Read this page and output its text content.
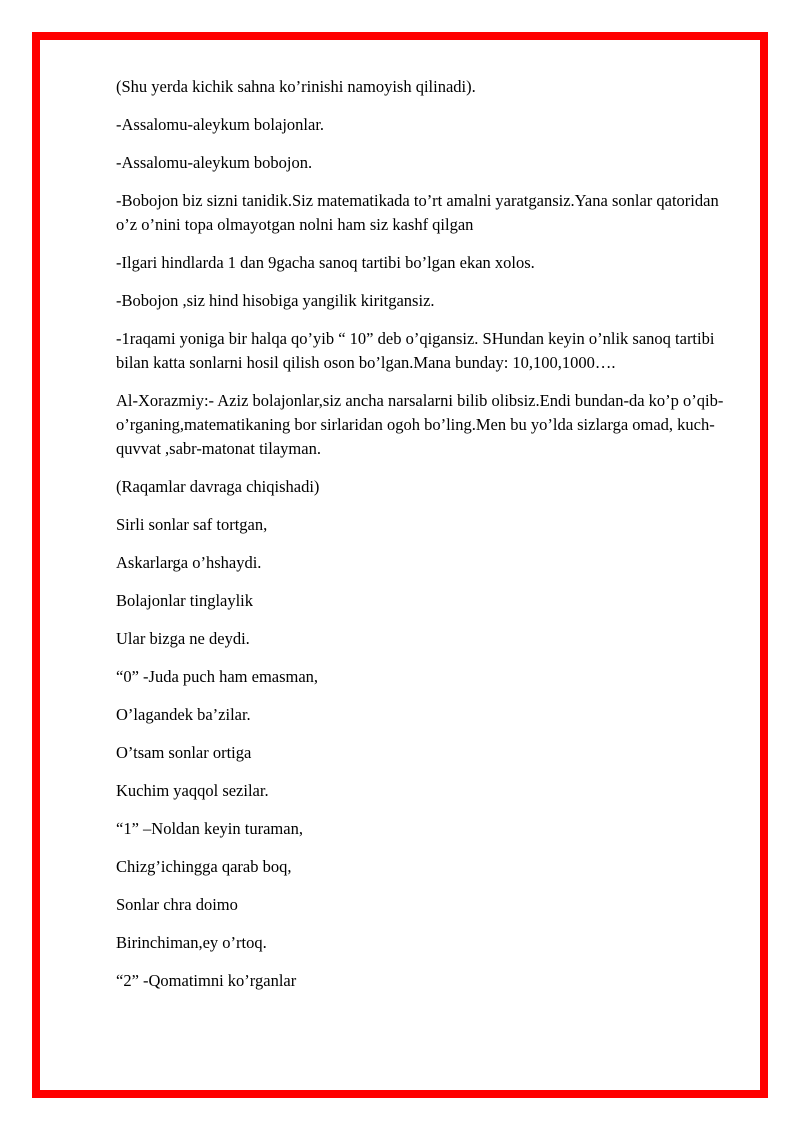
(Shu yerda kichik sahna ko’rinishi namoyish qilinadi).

-Assalomu-aleykum bolajonlar.

-Assalomu-aleykum bobojon.

-Bobojon biz sizni tanidik.Siz matematikada to’rt amalni yaratgansiz.Yana sonlar qatoridan o’z o’nini topa olmayotgan nolni ham siz kashf qilgan

-Ilgari hindlarda 1 dan 9gacha sanoq tartibi bo’lgan ekan xolos.

-Bobojon ,siz hind hisobiga yangilik kiritgansiz.

-1raqami yoniga bir halqa qo’yib “ 10” deb o’qigansiz. SHundan keyin o’nlik sanoq tartibi bilan katta sonlarni hosil qilish oson bo’lgan.Mana bunday: 10,100,1000….

Al-Xorazmiy:- Aziz bolajonlar,siz ancha narsalarni bilib olibsiz.Endi bundan-da ko’p o’qib-o’rganing,matematikaning bor sirlaridan ogoh bo’ling.Men bu yo’lda sizlarga omad, kuch-quvvat ,sabr-matonat tilayman.

(Raqamlar davraga chiqishadi)

Sirli sonlar saf tortgan,

Askarlarga o’hshaydi.

Bolajonlar tinglaylik

Ular bizga ne deydi.

“0” -Juda puch ham emasman,

O’lagandek ba’zilar.

O’tsam sonlar ortiga

Kuchim yaqqol sezilar.

“1” –Noldan keyin turaman,

Chizg’ichingga qarab boq,

Sonlar chra doimo

Birinchiman,ey o’rtoq.

“2” -Qomatimni ko’rganlar
